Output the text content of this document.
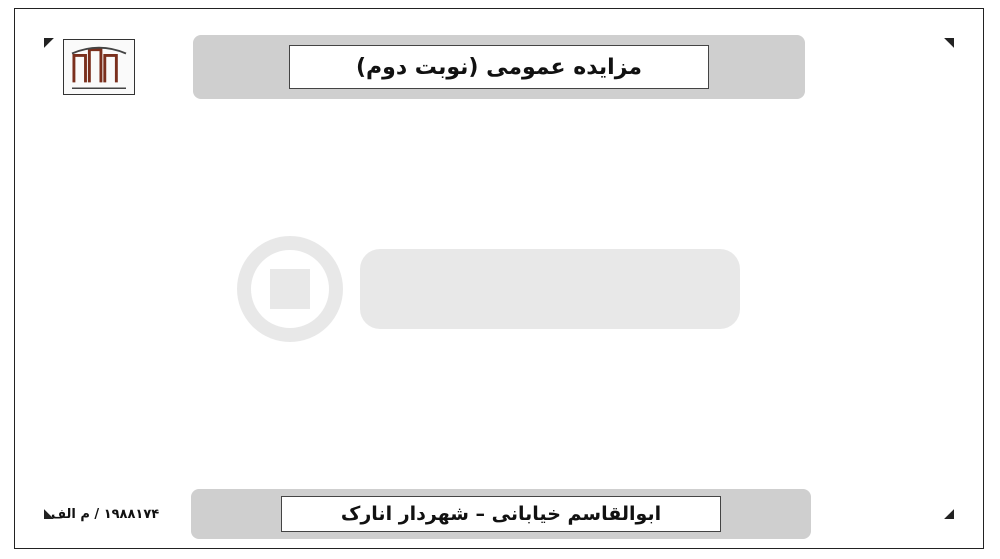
مزایده عمومی (نوبت دوم)

ابوالقاسم خیابانی – شهردار انارک
۱۹۸۸۱۷۴ / م الف
